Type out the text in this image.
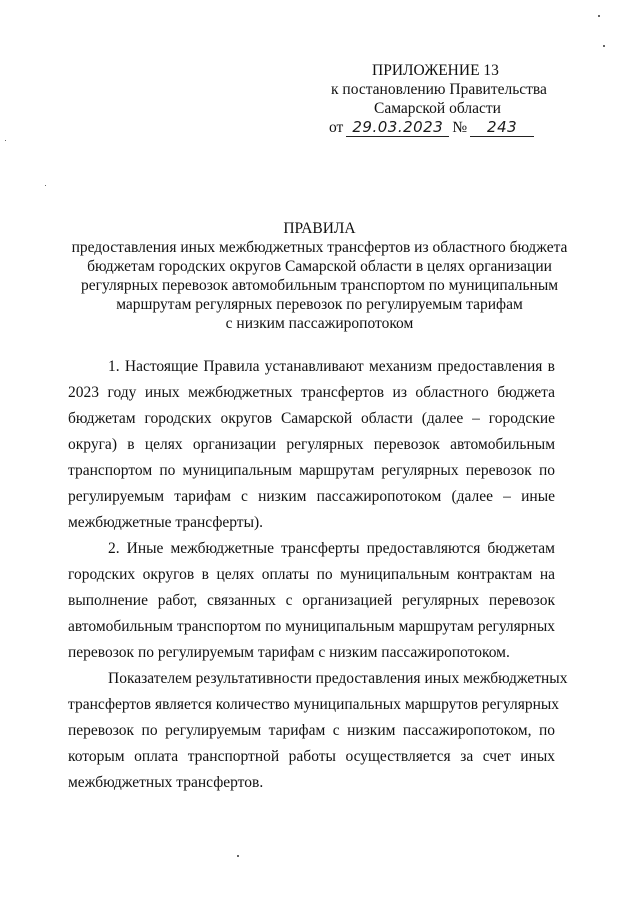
ПРИЛОЖЕНИЕ 13
к постановлению Правительства
Самарской области
от 29.03.2023 № 243
ПРАВИЛА
предоставления иных межбюджетных трансфертов из областного бюджета
бюджетам городских округов Самарской области в целях организации
регулярных перевозок автомобильным транспортом по муниципальным
маршрутам регулярных перевозок по регулируемым тарифам
с низким пассажиропотоком
1. Настоящие Правила устанавливают механизм предоставления в
2023 году иных межбюджетных трансфертов из областного бюджета
бюджетам городских округов Самарской области (далее – городские
округа) в целях организации регулярных перевозок автомобильным
транспортом по муниципальным маршрутам регулярных перевозок по
регулируемым тарифам с низким пассажиропотоком (далее – иные
межбюджетные трансферты).
2. Иные межбюджетные трансферты предоставляются бюджетам
городских округов в целях оплаты по муниципальным контрактам на
выполнение работ, связанных с организацией регулярных перевозок
автомобильным транспортом по муниципальным маршрутам регулярных
перевозок по регулируемым тарифам с низким пассажиропотоком.
Показателем результативности предоставления иных межбюджетных
трансфертов является количество муниципальных маршрутов регулярных
перевозок по регулируемым тарифам с низким пассажиропотоком, по
которым оплата транспортной работы осуществляется за счет иных
межбюджетных трансфертов.
